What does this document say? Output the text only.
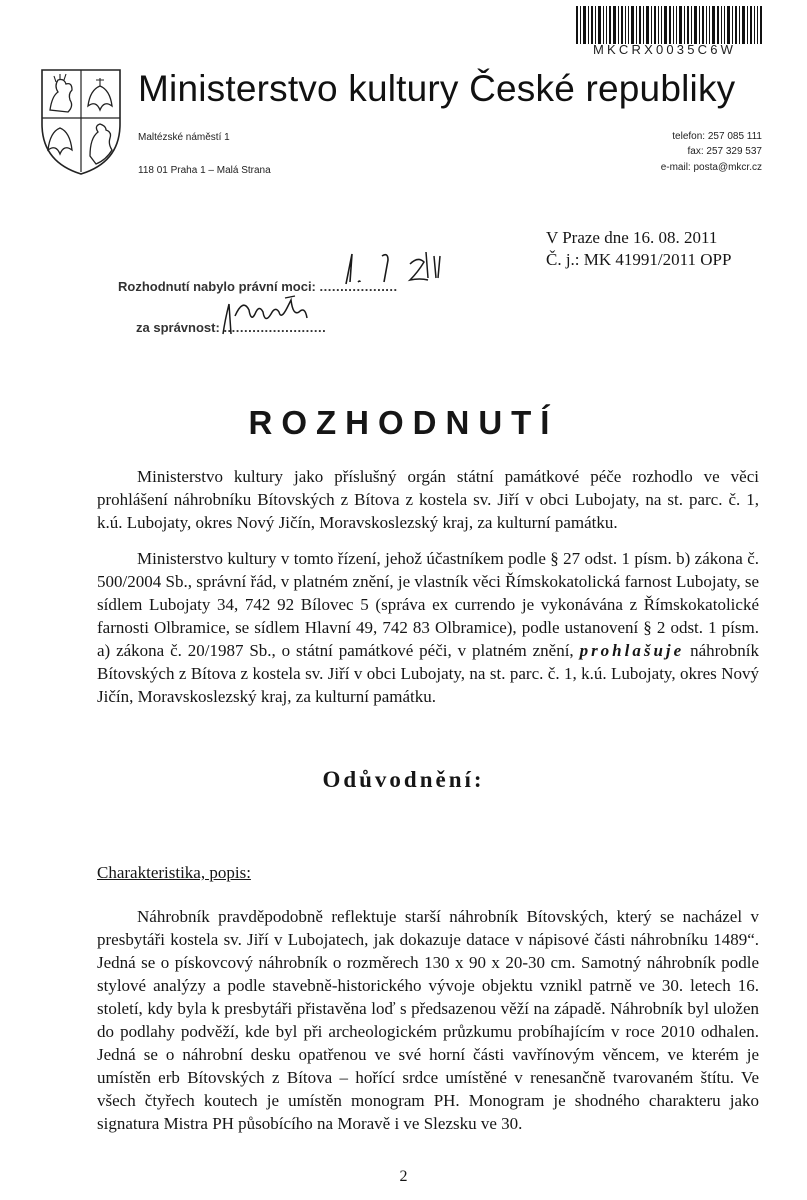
MKCRX0035C6W
Ministerstvo kultury České republiky
Maltézské náměstí 1
118 01 Praha 1 – Malá Strana
telefon: 257 085 111
fax: 257 329 537
e-mail: posta@mkcr.cz
V Praze dne 16. 08. 2011
Č. j.: MK 41991/2011 OPP
Rozhodnutí nabylo právní moci: ...................
za správnost: .........................
ROZHODNUTÍ
Ministerstvo kultury jako příslušný orgán státní památkové péče rozhodlo ve věci prohlášení náhrobníku Bítovských z Bítova z kostela sv. Jiří v obci Lubojaty, na st. parc. č. 1, k.ú. Lubojaty, okres Nový Jičín, Moravskoslezský kraj, za kulturní památku.
Ministerstvo kultury v tomto řízení, jehož účastníkem podle § 27 odst. 1 písm. b) zákona č. 500/2004 Sb., správní řád, v platném znění, je vlastník věci Římskokatolická farnost Lubojaty, se sídlem Lubojaty 34, 742 92 Bílovec 5 (správa ex currendo je vykonávána z Římskokatolické farnosti Olbramice, se sídlem Hlavní 49, 742 83 Olbramice), podle ustanovení § 2 odst. 1 písm. a) zákona č. 20/1987 Sb., o státní památkové péči, v platném znění, prohlašuje náhrobník Bítovských z Bítova z kostela sv. Jiří v obci Lubojaty, na st. parc. č. 1, k.ú. Lubojaty, okres Nový Jičín, Moravskoslezský kraj, za kulturní památku.
Odůvodnění:
Charakteristika, popis:
Náhrobník pravděpodobně reflektuje starší náhrobník Bítovských, který se nacházel v presbytáři kostela sv. Jiří v Lubojatech, jak dokazuje datace v nápisové části náhrobníku 1489“. Jedná se o pískovcový náhrobník o rozměrech 130 x 90 x 20-30 cm. Samotný náhrobník podle stylové analýzy a podle stavebně-historického vývoje objektu vznikl patrně ve 30. letech 16. století, kdy byla k presbytáři přistavěna loď s předsazenou věží na západě. Náhrobník byl uložen do podlahy podvěží, kde byl při archeologickém průzkumu probíhajícím v roce 2010 odhalen. Jedná se o náhrobní desku opatřenou ve své horní části vavřínovým věncem, ve kterém je umístěn erb Bítovských z Bítova – hořící srdce umístěné v renesančně tvarovaném štítu. Ve všech čtyřech koutech je umístěn monogram PH. Monogram je shodného charakteru jako signatura Mistra PH působícího na Moravě i ve Slezsku ve 30.
2
